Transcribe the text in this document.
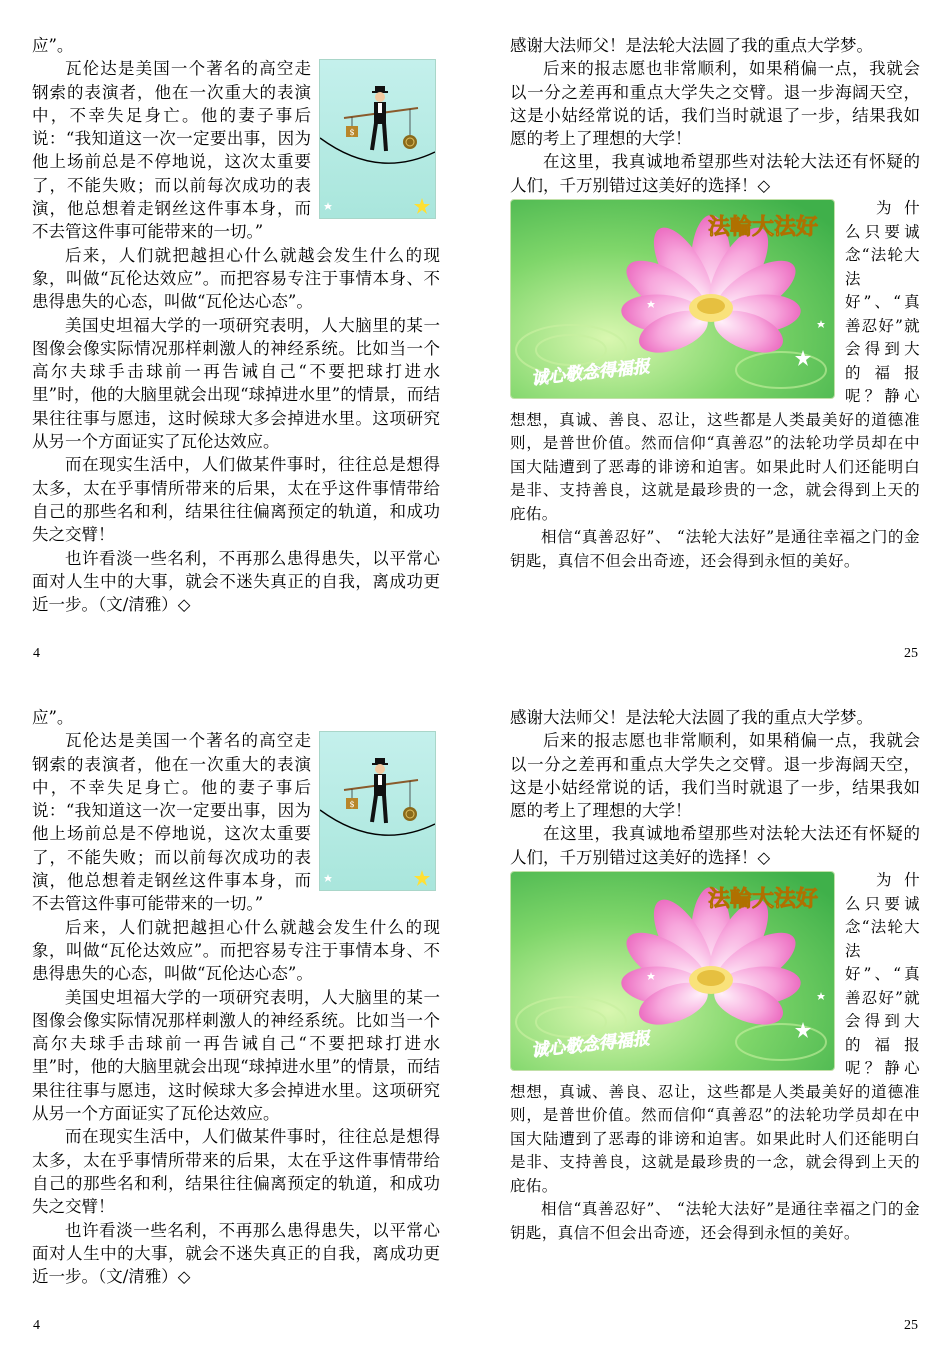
应”。

$

瓦伦达是美国一个著名的高空走钢索的表演者，他在一次重大的表演中，不幸失足身亡。他的妻子事后说：“我知道这一次一定要出事，因为他上场前总是不停地说，这次太重要了，不能失败；而以前每次成功的表演，他总想着走钢丝这件事本身，而不去管这件事可能带来的一切。”

后来，人们就把越担心什么就越会发生什么的现象，叫做“瓦伦达效应”。而把容易专注于事情本身、不患得患失的心态，叫做“瓦伦达心态”。

美国史坦福大学的一项研究表明，人大脑里的某一图像会像实际情况那样刺激人的神经系统。比如当一个高尔夫球手击球前一再告诫自己“不要把球打进水里”时，他的大脑里就会出现“球掉进水里”的情景，而结果往往事与愿违，这时候球大多会掉进水里。这项研究从另一个方面证实了瓦伦达效应。

而在现实生活中，人们做某件事时，往往总是想得太多，太在乎事情所带来的后果，太在乎这件事情带给自己的那些名和利，结果往往偏离预定的轨道，和成功失之交臂！

也许看淡一些名利，不再那么患得患失，以平常心面对人生中的大事，就会不迷失真正的自我，离成功更近一步。（文/清雅）◇

感谢大法师父！是法轮大法圆了我的重点大学梦。

后来的报志愿也非常顺利，如果稍偏一点，我就会以一分之差再和重点大学失之交臂。退一步海阔天空，这是小姑经常说的话，我们当时就退了一步，结果我如愿的考上了理想的大学！

在这里，我真诚地希望那些对法轮大法还有怀疑的人们，千万别错过这美好的选择！◇

法輪大法好
诚心敬念得福报

为什么只要诚念“法轮大法好”、“真善忍好”就会得到大的福报呢？静心想想，真诚、善良、忍让，这些都是人类最美好的道德准则，是普世价值。然而信仰“真善忍”的法轮功学员却在中国大陆遭到了恶毒的诽谤和迫害。如果此时人们还能明白是非、支持善良，这就是最珍贵的一念，就会得到上天的庇佑。

相信“真善忍好”、 “法轮大法好”是通往幸福之门的金钥匙，真信不但会出奇迹，还会得到永恒的美好。

4	25

应”。

$

瓦伦达是美国一个著名的高空走钢索的表演者，他在一次重大的表演中，不幸失足身亡。他的妻子事后说：“我知道这一次一定要出事，因为他上场前总是不停地说，这次太重要了，不能失败；而以前每次成功的表演，他总想着走钢丝这件事本身，而不去管这件事可能带来的一切。”

后来，人们就把越担心什么就越会发生什么的现象，叫做“瓦伦达效应”。而把容易专注于事情本身、不患得患失的心态，叫做“瓦伦达心态”。

美国史坦福大学的一项研究表明，人大脑里的某一图像会像实际情况那样刺激人的神经系统。比如当一个高尔夫球手击球前一再告诫自己“不要把球打进水里”时，他的大脑里就会出现“球掉进水里”的情景，而结果往往事与愿违，这时候球大多会掉进水里。这项研究从另一个方面证实了瓦伦达效应。

而在现实生活中，人们做某件事时，往往总是想得太多，太在乎事情所带来的后果，太在乎这件事情带给自己的那些名和利，结果往往偏离预定的轨道，和成功失之交臂！

也许看淡一些名利，不再那么患得患失，以平常心面对人生中的大事，就会不迷失真正的自我，离成功更近一步。（文/清雅）◇

感谢大法师父！是法轮大法圆了我的重点大学梦。

后来的报志愿也非常顺利，如果稍偏一点，我就会以一分之差再和重点大学失之交臂。退一步海阔天空，这是小姑经常说的话，我们当时就退了一步，结果我如愿的考上了理想的大学！

在这里，我真诚地希望那些对法轮大法还有怀疑的人们，千万别错过这美好的选择！◇

法輪大法好
诚心敬念得福报

为什么只要诚念“法轮大法好”、“真善忍好”就会得到大的福报呢？静心想想，真诚、善良、忍让，这些都是人类最美好的道德准则，是普世价值。然而信仰“真善忍”的法轮功学员却在中国大陆遭到了恶毒的诽谤和迫害。如果此时人们还能明白是非、支持善良，这就是最珍贵的一念，就会得到上天的庇佑。

相信“真善忍好”、 “法轮大法好”是通往幸福之门的金钥匙，真信不但会出奇迹，还会得到永恒的美好。

4	25
